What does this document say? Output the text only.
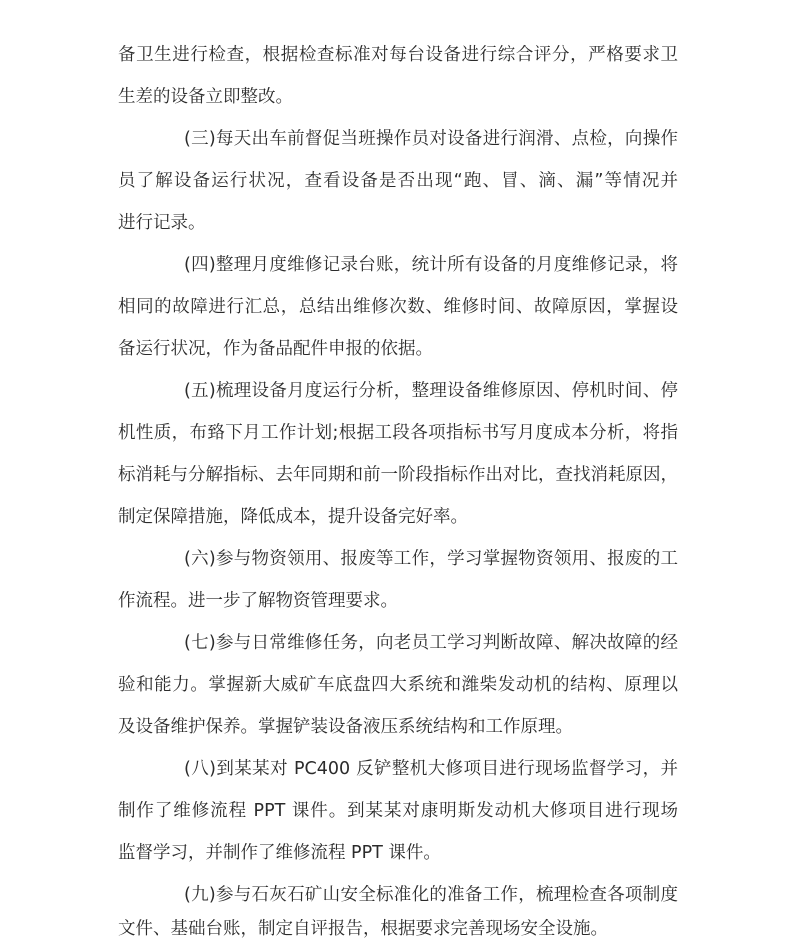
备卫生进行检查，根据检查标准对每台设备进行综合评分，严格要求卫
生差的设备立即整改。
(三)每天出车前督促当班操作员对设备进行润滑、点检，向操作
员了解设备运行状况，查看设备是否出现“跑、冒、滴、漏”等情况并
进行记录。
(四)整理月度维修记录台账，统计所有设备的月度维修记录，将
相同的故障进行汇总，总结出维修次数、维修时间、故障原因，掌握设
备运行状况，作为备品配件申报的依据。
(五)梳理设备月度运行分析，整理设备维修原因、停机时间、停
机性质，布臵下月工作计划;根据工段各项指标书写月度成本分析，将指
标消耗与分解指标、去年同期和前一阶段指标作出对比，查找消耗原因，
制定保障措施，降低成本，提升设备完好率。
(六)参与物资领用、报废等工作，学习掌握物资领用、报废的工
作流程。进一步了解物资管理要求。
(七)参与日常维修任务，向老员工学习判断故障、解决故障的经
验和能力。掌握新大威矿车底盘四大系统和潍柴发动机的结构、原理以
及设备维护保养。掌握铲装设备液压系统结构和工作原理。
(八)到某某对 PC400 反铲整机大修项目进行现场监督学习，并
制作了维修流程 PPT 课件。到某某对康明斯发动机大修项目进行现场
监督学习，并制作了维修流程 PPT 课件。
(九)参与石灰石矿山安全标准化的准备工作，梳理检查各项制度
文件、基础台账，制定自评报告，根据要求完善现场安全设施。
